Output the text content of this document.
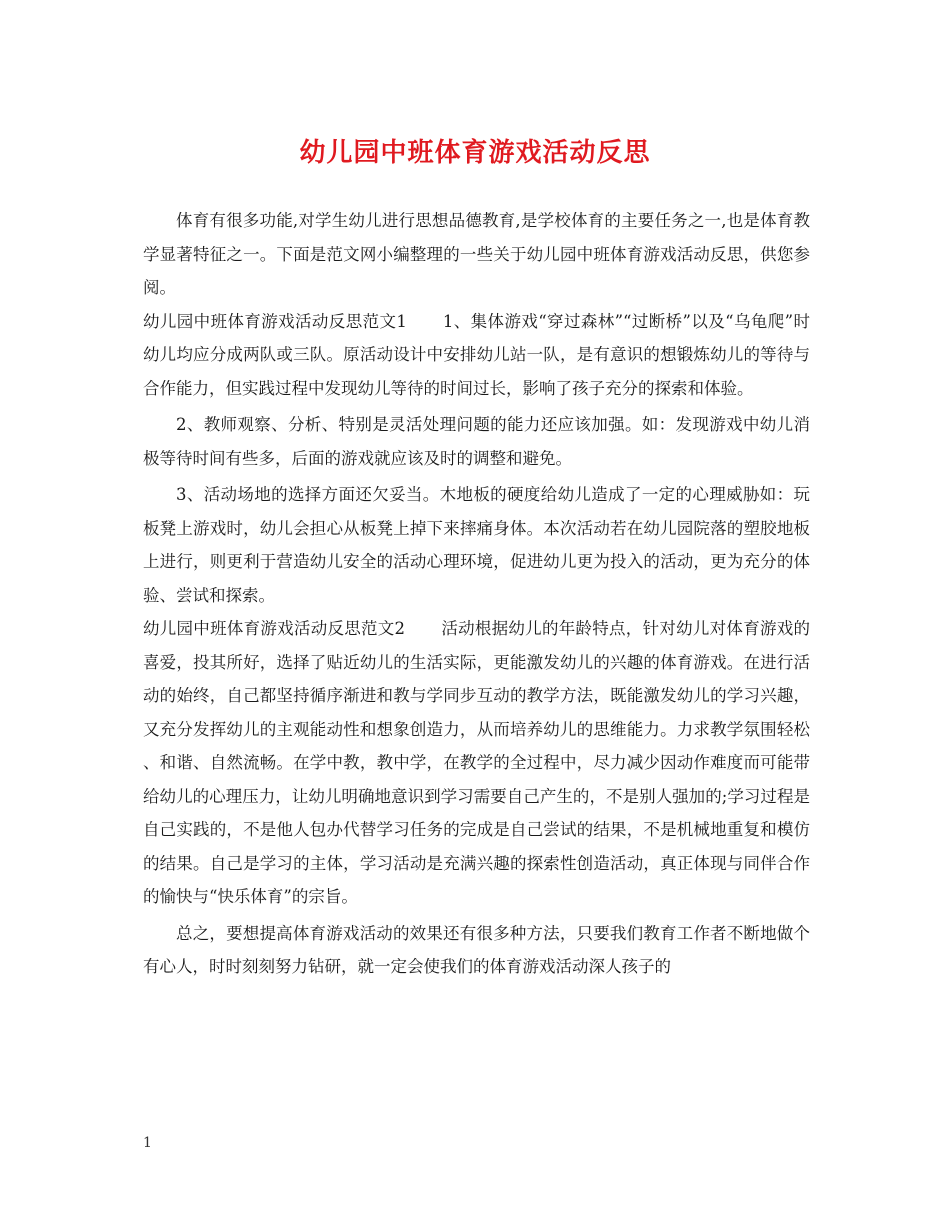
幼儿园中班体育游戏活动反思

体育有很多功能,对学生幼儿进行思想品德教育,是学校体育的主要任务之一,也是体育教学显著特征之一。下面是范文网小编整理的一些关于幼儿园中班体育游戏活动反思，供您参阅。

幼儿园中班体育游戏活动反思范文1 1、集体游戏“穿过森林”“过断桥”以及“乌龟爬”时幼儿均应分成两队或三队。原活动设计中安排幼儿站一队，是有意识的想锻炼幼儿的等待与合作能力，但实践过程中发现幼儿等待的时间过长，影响了孩子充分的探索和体验。

2、教师观察、分析、特别是灵活处理问题的能力还应该加强。如：发现游戏中幼儿消极等待时间有些多，后面的游戏就应该及时的调整和避免。

3、活动场地的选择方面还欠妥当。木地板的硬度给幼儿造成了一定的心理威胁如：玩板凳上游戏时，幼儿会担心从板凳上掉下来摔痛身体。本次活动若在幼儿园院落的塑胶地板上进行，则更利于营造幼儿安全的活动心理环境，促进幼儿更为投入的活动，更为充分的体验、尝试和探索。

幼儿园中班体育游戏活动反思范文2 活动根据幼儿的年龄特点，针对幼儿对体育游戏的喜爱，投其所好，选择了贴近幼儿的生活实际，更能激发幼儿的兴趣的体育游戏。在进行活动的始终，自己都坚持循序渐进和教与学同步互动的教学方法，既能激发幼儿的学习兴趣，又充分发挥幼儿的主观能动性和想象创造力，从而培养幼儿的思维能力。力求教学氛围轻松、和谐、自然流畅。在学中教，教中学，在教学的全过程中，尽力减少因动作难度而可能带给幼儿的心理压力，让幼儿明确地意识到学习需要自己产生的，不是别人强加的;学习过程是自己实践的，不是他人包办代替学习任务的完成是自己尝试的结果，不是机械地重复和模仿的结果。自己是学习的主体，学习活动是充满兴趣的探索性创造活动，真正体现与同伴合作的愉快与“快乐体育”的宗旨。

总之，要想提高体育游戏活动的效果还有很多种方法，只要我们教育工作者不断地做个有心人，时时刻刻努力钻研，就一定会使我们的体育游戏活动深人孩子的

1
